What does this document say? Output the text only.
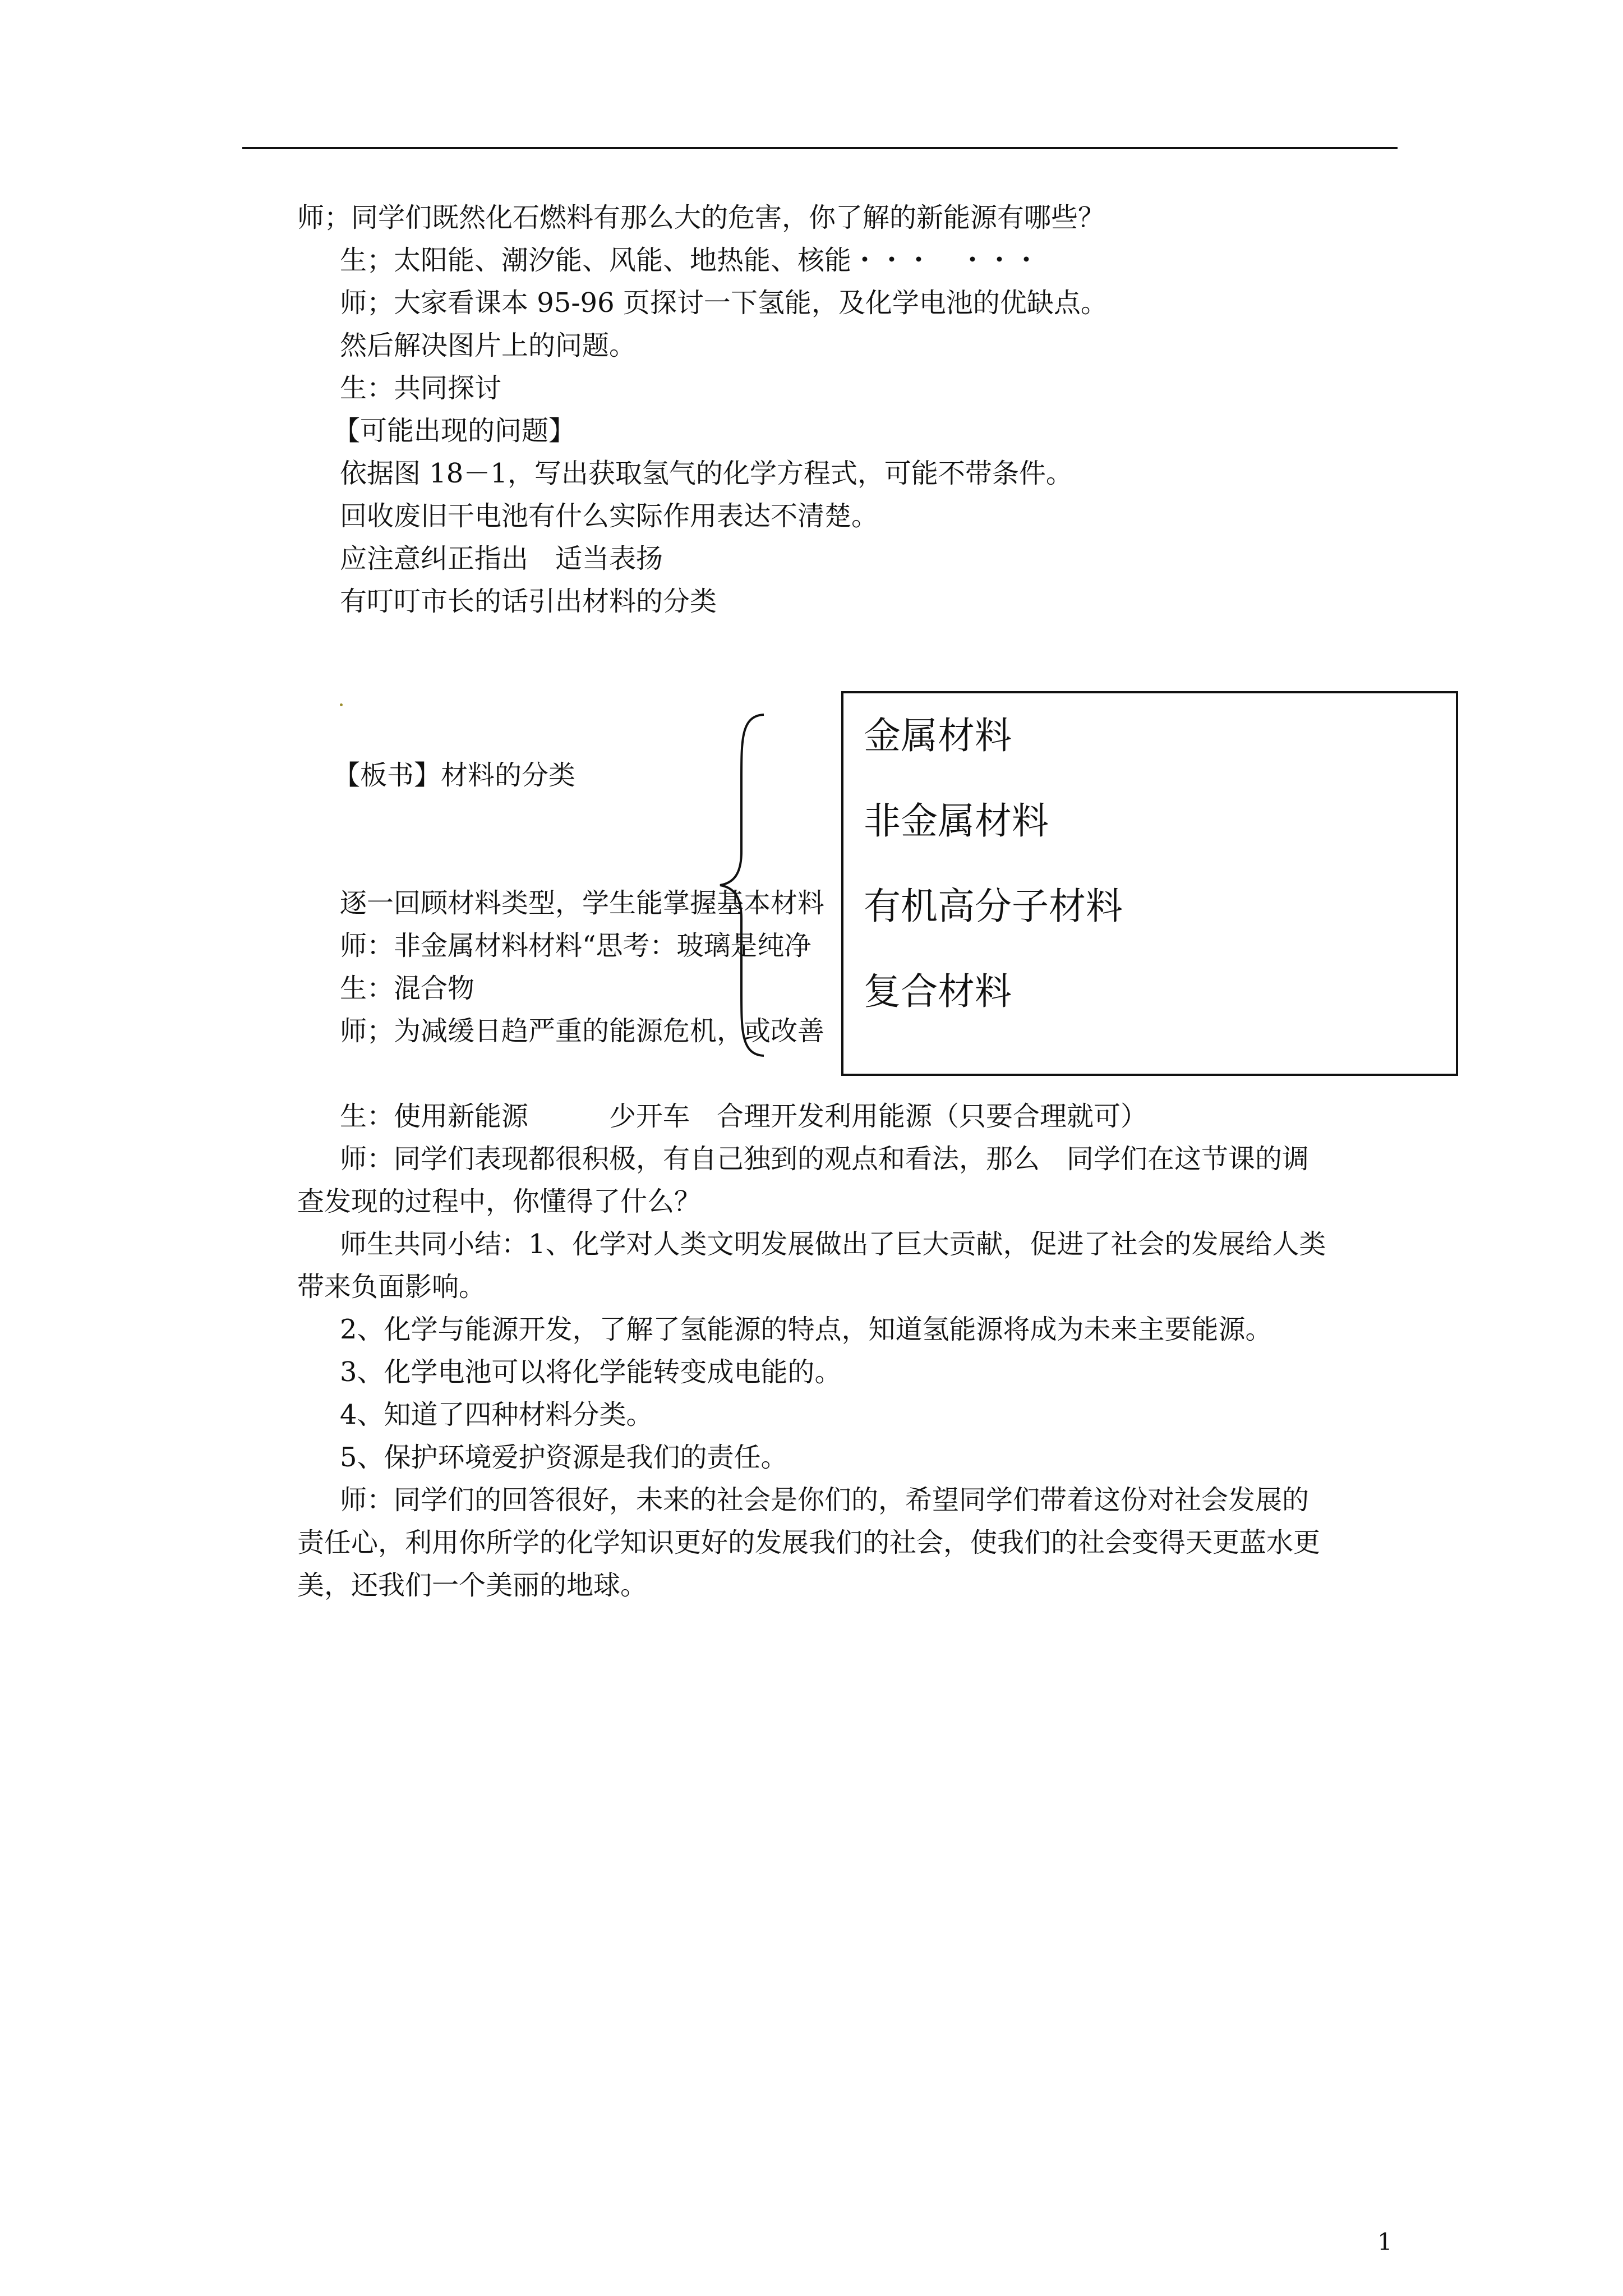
师；同学们既然化石燃料有那么大的危害，你了解的新能源有哪些？
生；太阳能、潮汐能、风能、地热能、核能・・・　・・・
师；大家看课本 95-96 页探讨一下氢能，及化学电池的优缺点。
然后解决图片上的问题。
生：共同探讨
【可能出现的问题】
依据图 18－1，写出获取氢气的化学方程式，可能不带条件。
回收废旧干电池有什么实际作用表达不清楚。
应注意纠正指出　适当表扬
有叮叮市长的话引出材料的分类
【板书】材料的分类
逐一回顾材料类型，学生能掌握基本材料
师：非金属材料材料“思考：玻璃是纯净
生：混合物
师；为减缓日趋严重的能源危机，或改善
金属材料
非金属材料
有机高分子材料
复合材料
生：使用新能源　　　少开车　合理开发利用能源（只要合理就可）
师：同学们表现都很积极，有自己独到的观点和看法，那么　同学们在这节课的调
查发现的过程中，你懂得了什么？
师生共同小结：1、化学对人类文明发展做出了巨大贡献，促进了社会的发展给人类
带来负面影响。
2、化学与能源开发，了解了氢能源的特点，知道氢能源将成为未来主要能源。
3、化学电池可以将化学能转变成电能的。
4、知道了四种材料分类。
5、保护环境爱护资源是我们的责任。
师：同学们的回答很好，未来的社会是你们的，希望同学们带着这份对社会发展的
责任心，利用你所学的化学知识更好的发展我们的社会，使我们的社会变得天更蓝水更
美，还我们一个美丽的地球。
1
